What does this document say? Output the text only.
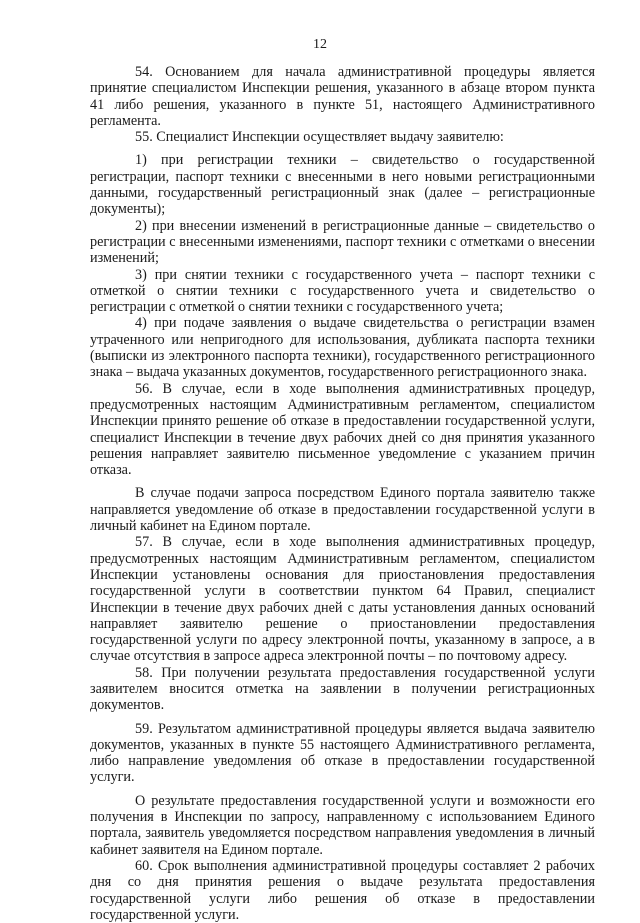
12

54. Основанием для начала административной процедуры является принятие специалистом Инспекции решения, указанного в абзаце втором пункта 41 либо решения, указанного в пункте 51, настоящего Административного регламента.

55. Специалист Инспекции осуществляет выдачу заявителю:

1) при регистрации техники – свидетельство о государственной регистрации, паспорт техники с внесенными в него новыми регистрационными данными, государственный регистрационный знак (далее – регистрационные документы);

2) при внесении изменений в регистрационные данные – свидетельство о регистрации с внесенными изменениями, паспорт техники с отметками о внесении изменений;

3) при снятии техники с государственного учета – паспорт техники с отметкой о снятии техники с государственного учета и свидетельство о регистрации с отметкой о снятии техники с государственного учета;

4) при подаче заявления о выдаче свидетельства о регистрации взамен утраченного или непригодного для использования, дубликата паспорта техники (выписки из электронного паспорта техники), государственного регистрационного знака – выдача указанных документов, государственного регистрационного знака.

56. В случае, если в ходе выполнения административных процедур, предусмотренных настоящим Административным регламентом, специалистом Инспекции принято решение об отказе в предоставлении государственной услуги, специалист Инспекции в течение двух рабочих дней со дня принятия указанного решения направляет заявителю письменное уведомление с указанием причин отказа.

В случае подачи запроса посредством Единого портала заявителю также направляется уведомление об отказе в предоставлении государственной услуги в личный кабинет на Едином портале.

57. В случае, если в ходе выполнения административных процедур, предусмотренных настоящим Административным регламентом, специалистом Инспекции установлены основания для приостановления предоставления государственной услуги в соответствии пунктом 64 Правил, специалист Инспекции в течение двух рабочих дней с даты установления данных оснований направляет заявителю решение о приостановлении предоставления государственной услуги по адресу электронной почты, указанному в запросе, а в случае отсутствия в запросе адреса электронной почты – по почтовому адресу.

58. При получении результата предоставления государственной услуги заявителем вносится отметка на заявлении в получении регистрационных документов.

59. Результатом административной процедуры является выдача заявителю документов, указанных в пункте 55 настоящего Административного регламента, либо направление уведомления об отказе в предоставлении государственной услуги.

О результате предоставления государственной услуги и возможности его получения в Инспекции по запросу, направленному с использованием Единого портала, заявитель уведомляется посредством направления уведомления в личный кабинет заявителя на Едином портале.

60. Срок выполнения административной процедуры составляет 2 рабочих дня со дня принятия решения о выдаче результата предоставления государственной услуги либо решения об отказе в предоставлении государственной услуги.
